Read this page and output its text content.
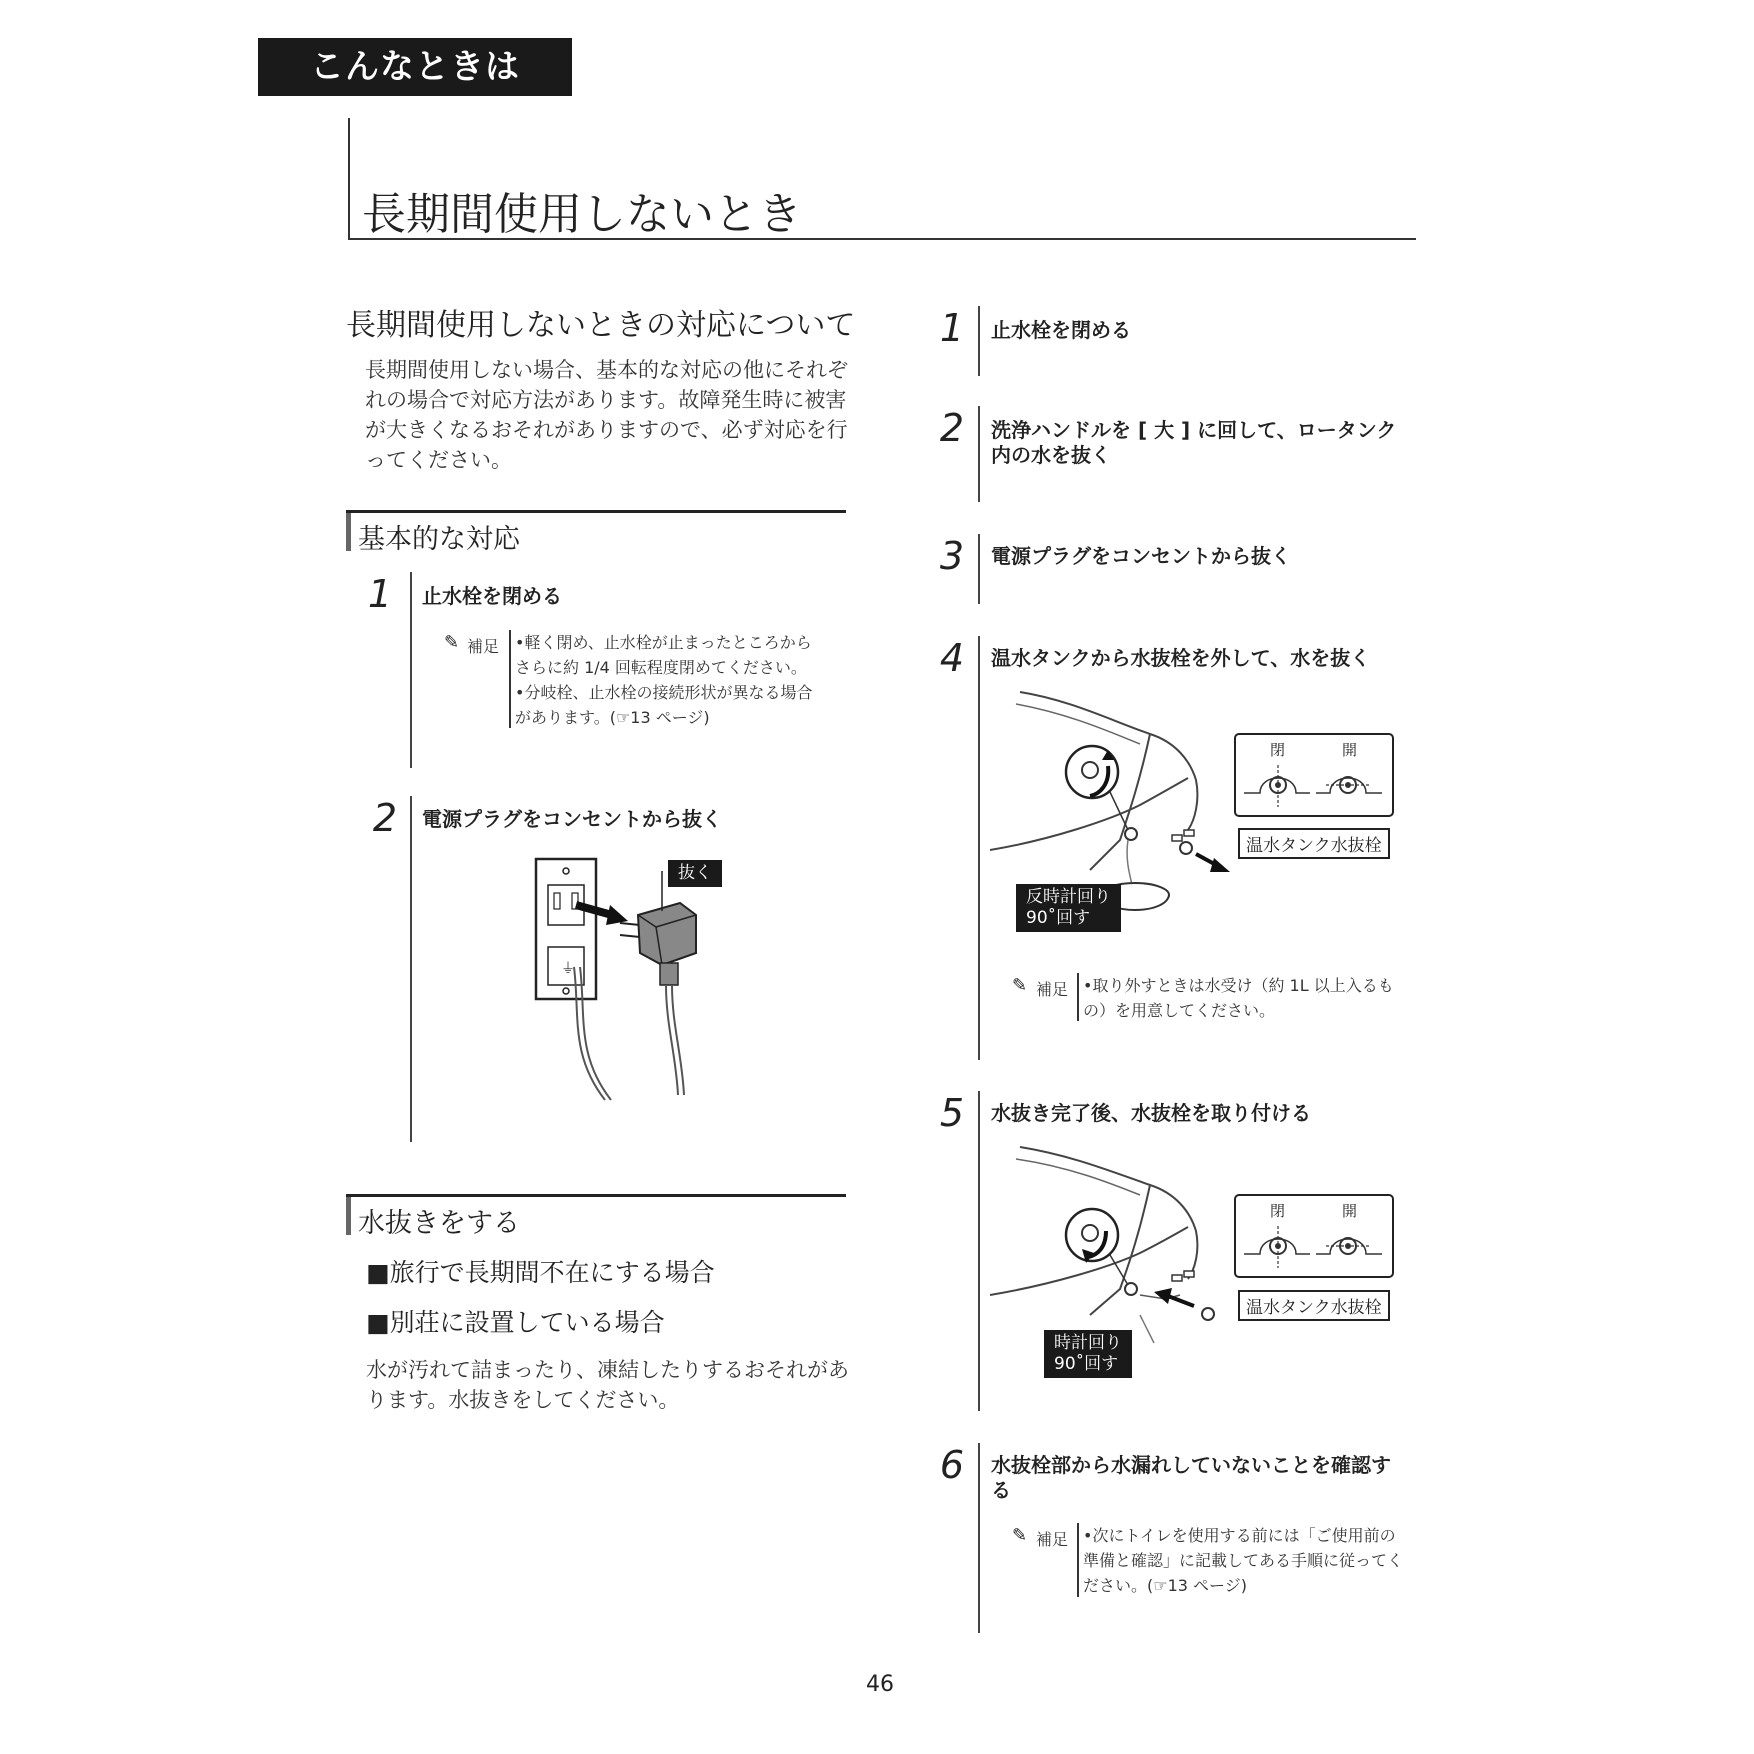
こんなときは
長期間使用しないとき
長期間使用しないときの対応について
長期間使用しない場合、基本的な対応の他にそれぞれの場合で対応方法があります。故障発生時に被害が大きくなるおそれがありますので、必ず対応を行ってください。
基本的な対応
1	止水栓を閉める
✎ 補足 •軽く閉め、止水栓が止まったところからさらに約 1/4 回転程度閉めてください。
•分岐栓、止水栓の接続形状が異なる場合があります。(☞13 ページ)
2	電源プラグをコンセントから抜く
⏚
抜く
水抜きをする
■旅行で長期間不在にする場合
■別荘に設置している場合
水が汚れて詰まったり、凍結したりするおそれがあります。水抜きをしてください。
1	止水栓を閉める
2	洗浄ハンドルを [ 大 ] に回して、ロータンク内の水を抜く
3	電源プラグをコンセントから抜く
4	温水タンクから水抜栓を外して、水を抜く
閉	開
温水タンク水抜栓
反時計回り
90˚回す
✎ 補足 •取り外すときは水受け（約 1L 以上入るもの）を用意してください。
5	水抜き完了後、水抜栓を取り付ける
閉	開
温水タンク水抜栓
時計回り
90˚回す
6	水抜栓部から水漏れしていないことを確認する
✎ 補足 •次にトイレを使用する前には「ご使用前の準備と確認」に記載してある手順に従ってください。(☞13 ページ)
46
